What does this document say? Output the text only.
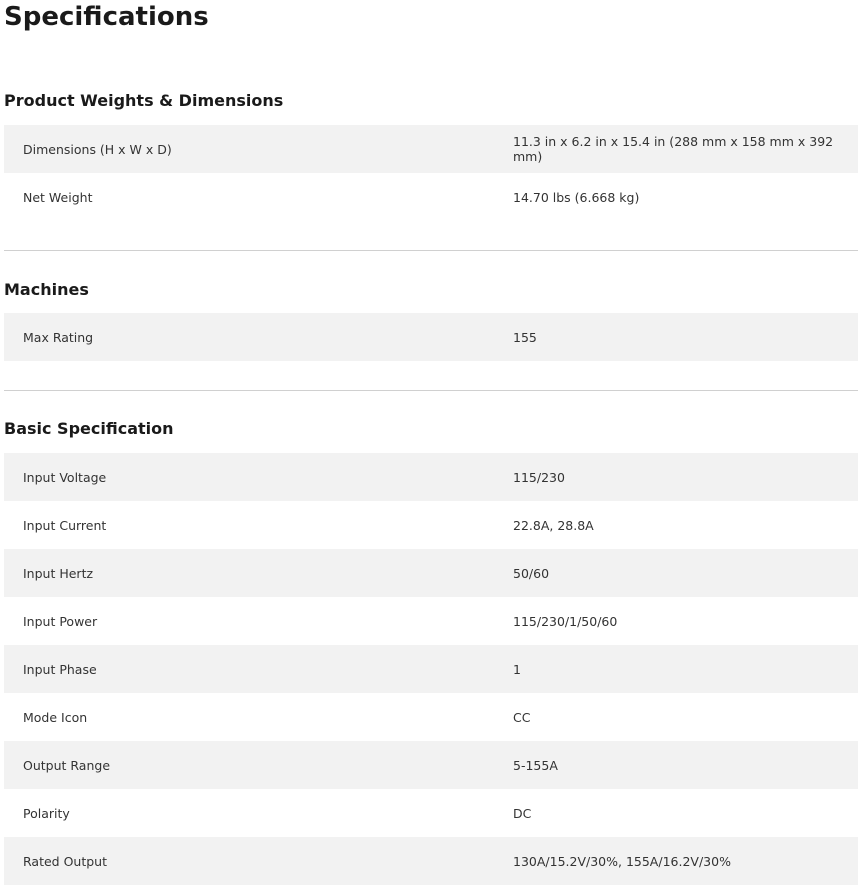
Specifications
Product Weights & Dimensions
Dimensions (H x W x D)	11.3 in x 6.2 in x 15.4 in (288 mm x 158 mm x 392 mm)
Net Weight	14.70 lbs (6.668 kg)
Machines
Max Rating	155
Basic Specification
Input Voltage	115/230
Input Current	22.8A, 28.8A
Input Hertz	50/60
Input Power	115/230/1/50/60
Input Phase	1
Mode Icon	CC
Output Range	5-155A
Polarity	DC
Rated Output	130A/15.2V/30%, 155A/16.2V/30%
